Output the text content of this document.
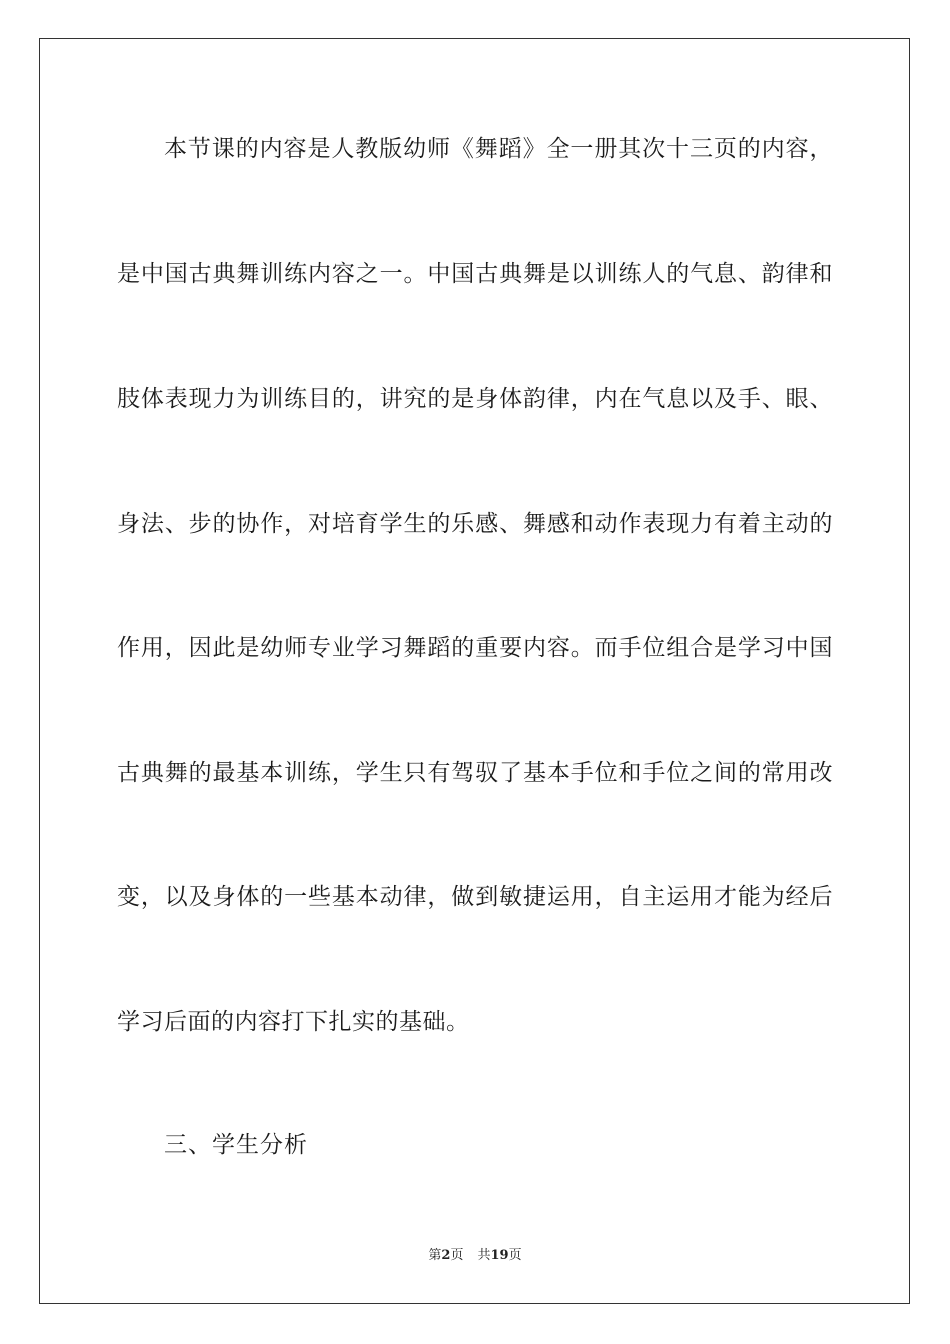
本节课的内容是人教版幼师《舞蹈》全一册其次十三页的内容，
是中国古典舞训练内容之一。中国古典舞是以训练人的气息、韵律和
肢体表现力为训练目的，讲究的是身体韵律，内在气息以及手、眼、
身法、步的协作，对培育学生的乐感、舞感和动作表现力有着主动的
作用，因此是幼师专业学习舞蹈的重要内容。而手位组合是学习中国
古典舞的最基本训练，学生只有驾驭了基本手位和手位之间的常用改
变，以及身体的一些基本动律，做到敏捷运用，自主运用才能为经后
学习后面的内容打下扎实的基础。
三、学生分析
第2页 共19页
